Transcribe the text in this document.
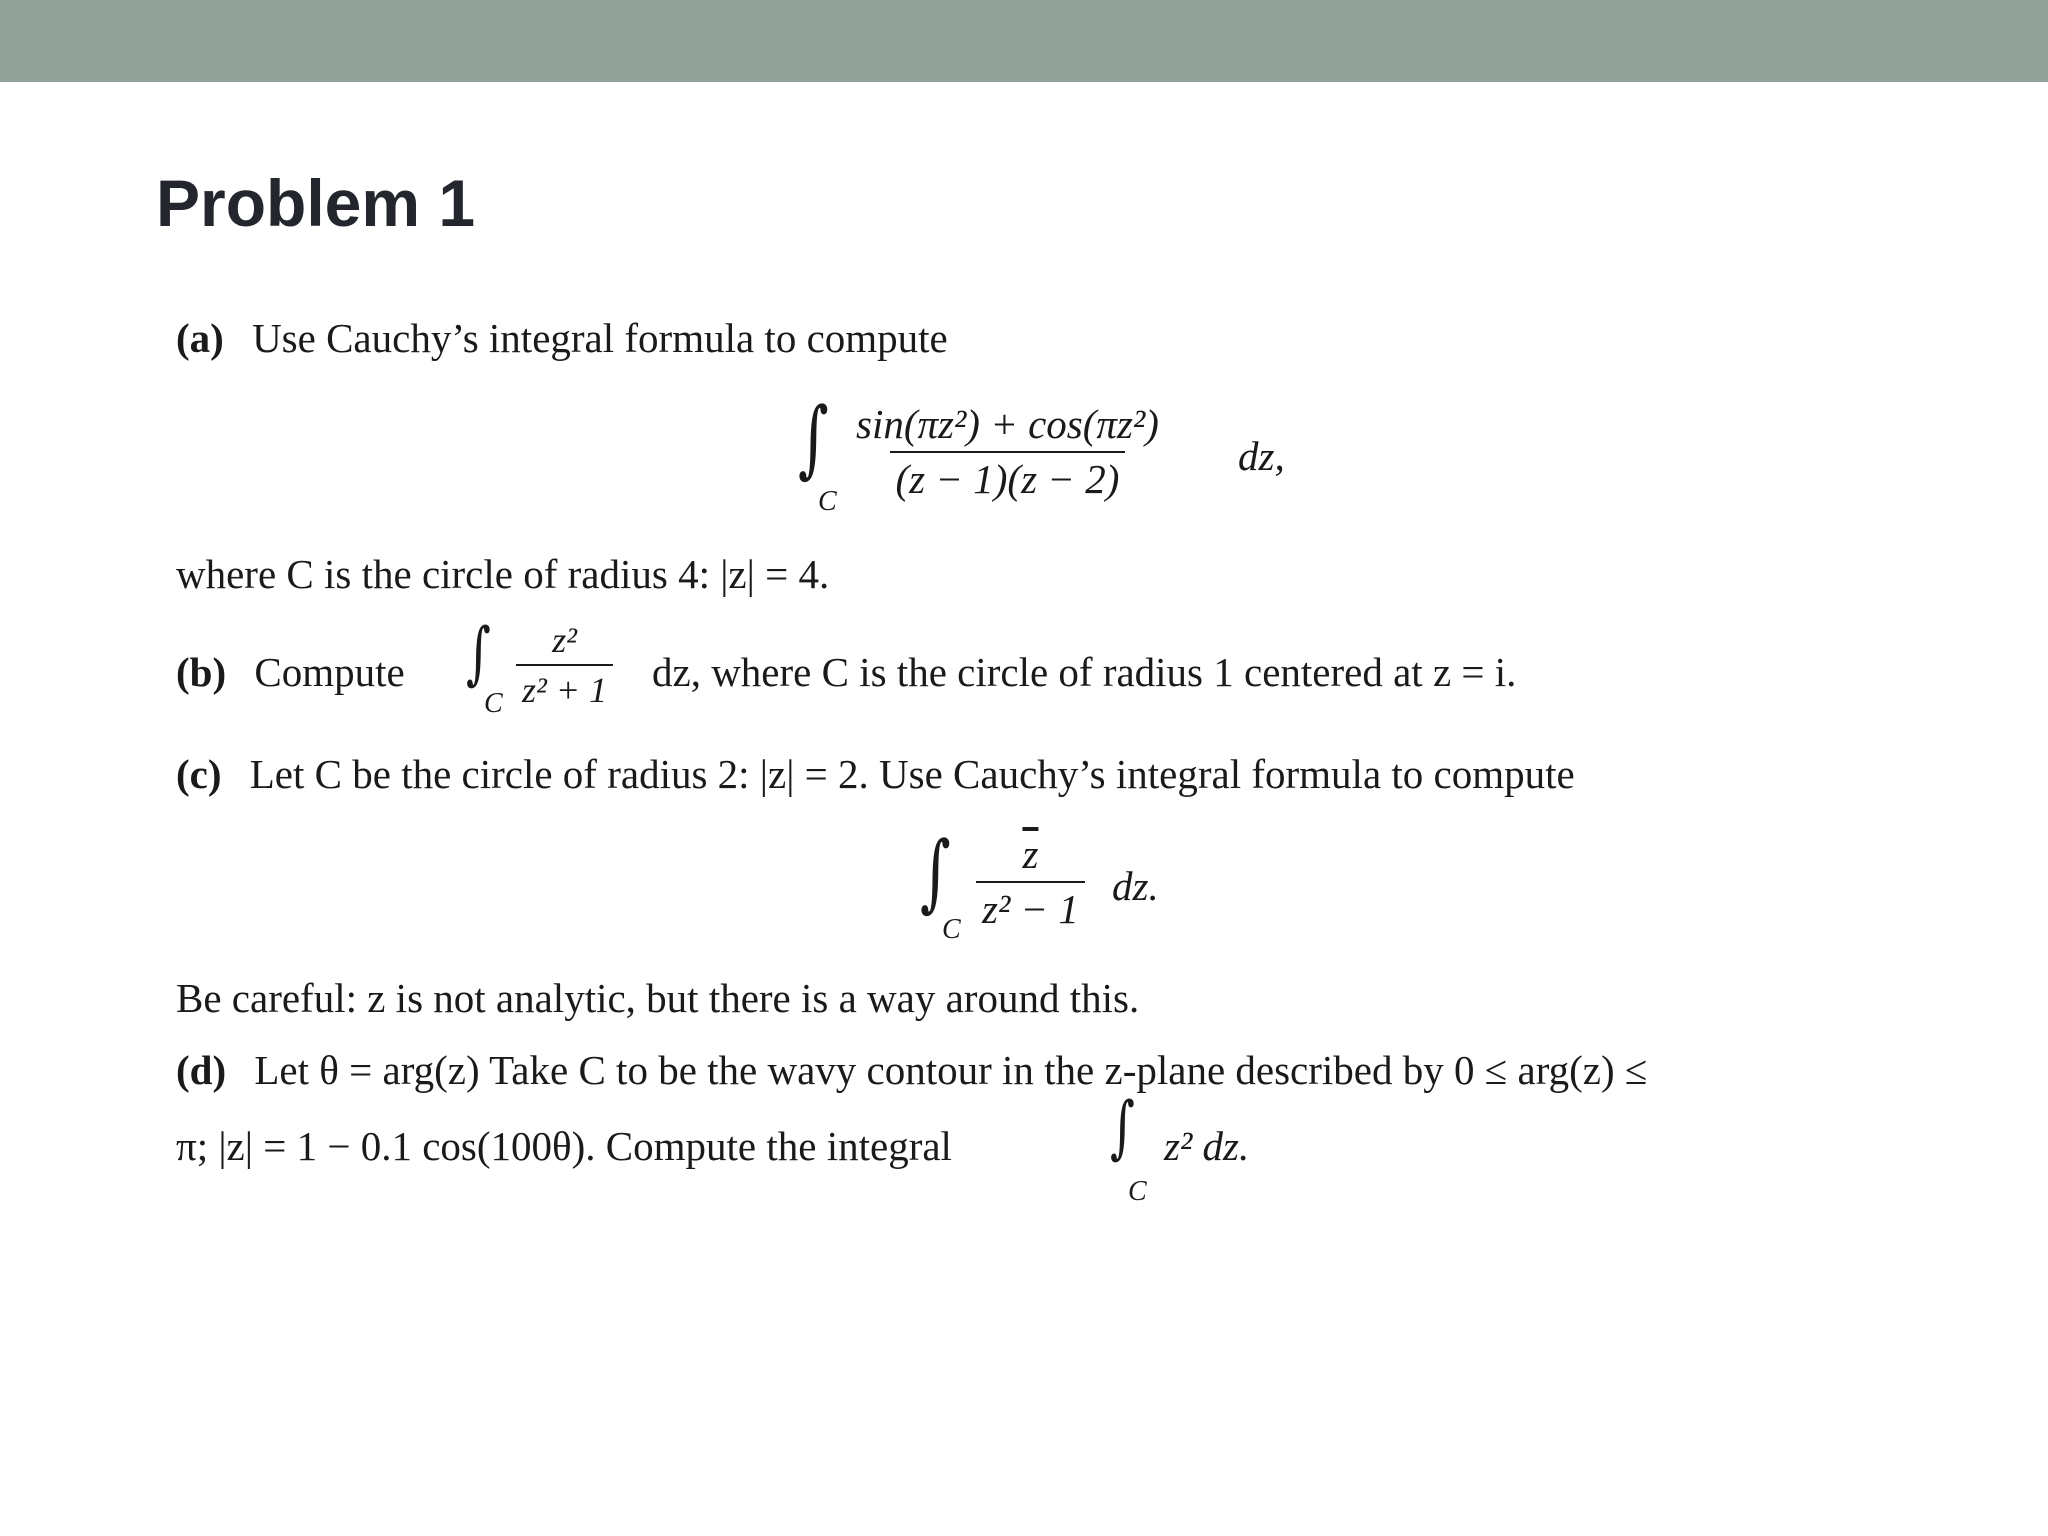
Problem 1
(a) Use Cauchy’s integral formula to compute
∫
C
$\frac{\text{sin(πz²) + cos(πz²)}}{(z - 1)(z - 2)}$ dz,
where C is the circle of radius 4: |z| = 4.
(b) Compute ∫
C $\frac{\text{z²}}{\text{z² + 1}}$ dz, where C is the circle of radius 1 centered at z = i.
(c) Let C be the circle of radius 2: |z| = 2. Use Cauchy’s integral formula to compute
∫
C $\frac{\overline{z}}{\text{z² − 1}}$ dz.
Be careful: z is not analytic, but there is a way around this.
(d) Let θ = arg(z) Take C to be the wavy contour in the z-plane described by 0 ≤ arg(z) ≤
π; |z| = 1 − 0.1 cos(100θ). Compute the integral ∫
C
z² dz.
